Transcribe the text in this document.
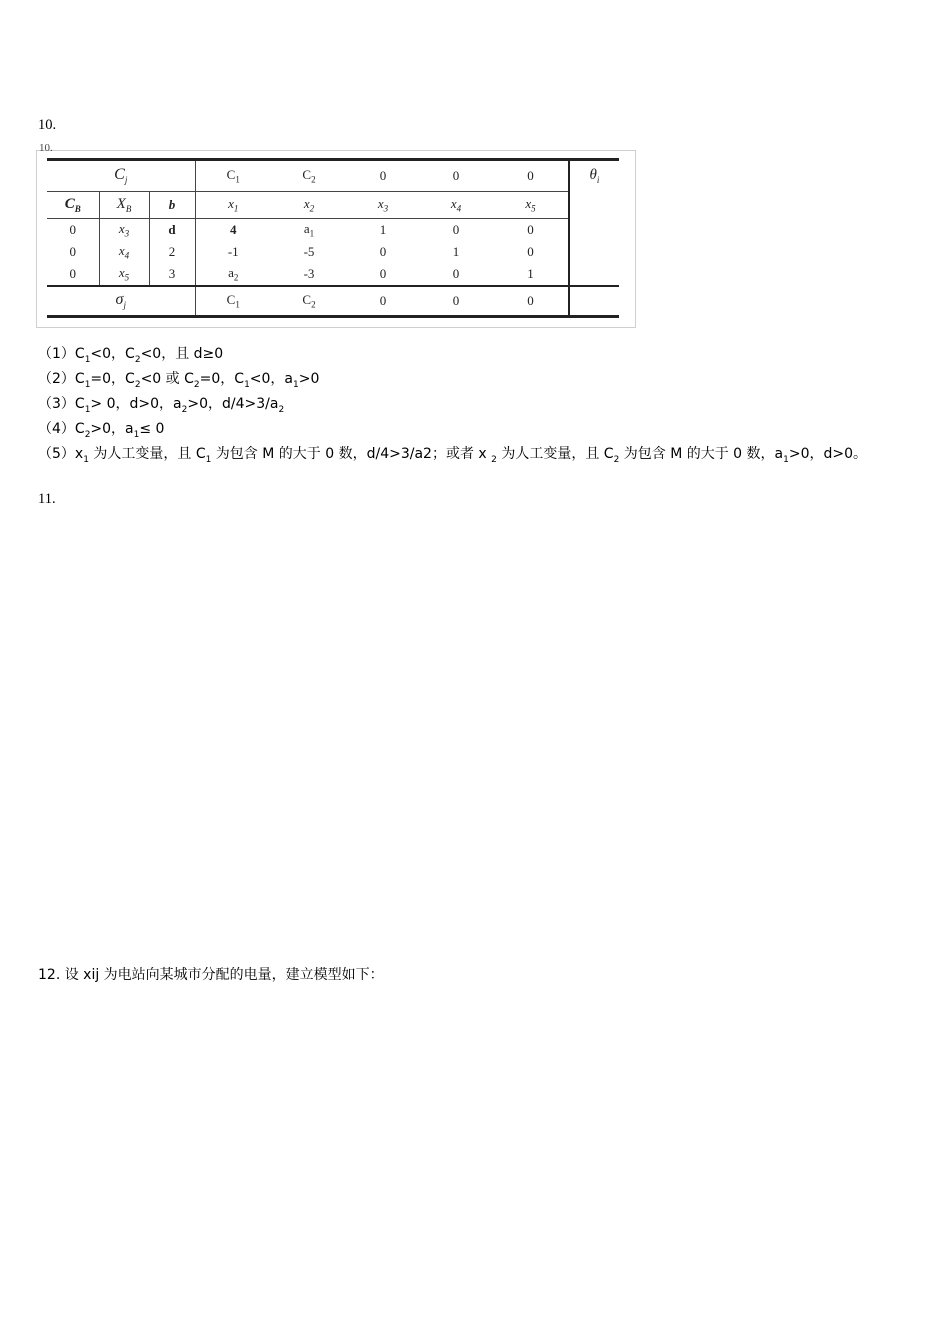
10.
10.
$C_j$			$C_1$	$C_2$	0	0	0	$\theta_i$
$C_B$	$X_B$	b	$x_1$	$x_2$	$x_3$	$x_4$	$x_5$
0	$x_3$	d	4	$a_1$	1	0	0	
0	$x_4$	2	-1	-5	0	1	0	
0	$x_5$	3	$a_2$	-3	0	0	1	
$\sigma_j$			$C_1$	$C_2$	0	0	0	
$(1)C_1<0$，$C_2<0$，且 d≥0
$(2)C_1=0$，$C_2<0$ 或 $C_2=0$，$C_1<0$，$a_1>0$
$(3)C_1> 0$，d>0，$a_2>0$，$d/4>3/a_2$
$(4)C_2>0$，$a_1\le 0$
$(5)x_1$ 为人工变量，且 $C_1$ 为包含 M 的大于 0 数，d/4>3/a2；或者 x $_2$ 为人工变量，且 $C_2$ 为包含 M 的大于 0 数，$a_1>0$，d>0。
11.
12. 设 xij 为电站向某城市分配的电量，建立模型如下：
